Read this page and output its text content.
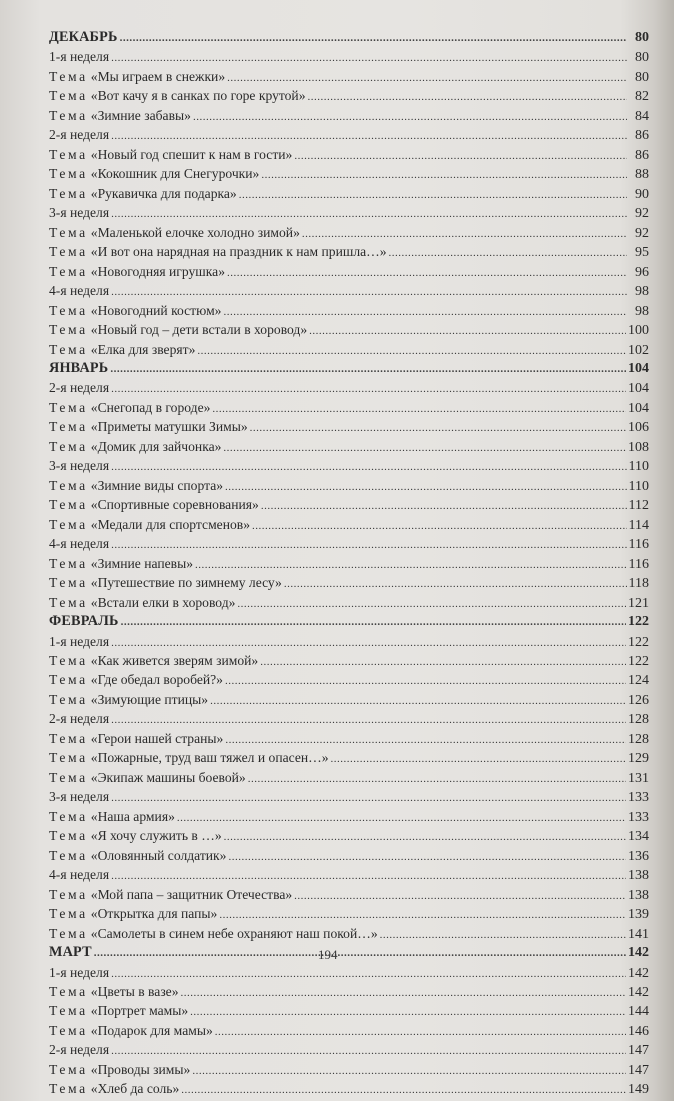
ДЕКАБРЬ .....	80
1-я неделя .....	80
Тема «Мы играем в снежки» .....	80
Тема «Вот качу я в санках по горе крутой» .....	82
Тема «Зимние забавы» .....	84
2-я неделя .....	86
Тема «Новый год спешит к нам в гости» .....	86
Тема «Кокошник для Снегурочки» .....	88
Тема «Рукавичка для подарка» .....	90
3-я неделя .....	92
Тема «Маленькой елочке холодно зимой» .....	92
Тема «И вот она нарядная на праздник к нам пришла…» .....	95
Тема «Новогодняя игрушка» .....	96
4-я неделя .....	98
Тема «Новогодний костюм» .....	98
Тема «Новый год – дети встали в хоровод» .....	100
Тема «Елка для зверят» .....	102
ЯНВАРЬ .....	104
2-я неделя .....	104
Тема «Снегопад в городе» .....	104
Тема «Приметы матушки Зимы» .....	106
Тема «Домик для зайчонка» .....	108
3-я неделя .....	110
Тема «Зимние виды спорта» .....	110
Тема «Спортивные соревнования» .....	112
Тема «Медали для спортсменов» .....	114
4-я неделя .....	116
Тема «Зимние напевы» .....	116
Тема «Путешествие по зимнему лесу» .....	118
Тема «Встали елки в хоровод» .....	121
ФЕВРАЛЬ .....	122
1-я неделя .....	122
Тема «Как живется зверям зимой» .....	122
Тема «Где обедал воробей?» .....	124
Тема «Зимующие птицы» .....	126
2-я неделя .....	128
Тема «Герои нашей страны» .....	128
Тема «Пожарные, труд ваш тяжел и опасен…» .....	129
Тема «Экипаж машины боевой» .....	131
3-я неделя .....	133
Тема «Наша армия» .....	133
Тема «Я хочу служить в …» .....	134
Тема «Оловянный солдатик» .....	136
4-я неделя .....	138
Тема «Мой папа – защитник Отечества» .....	138
Тема «Открытка для папы» .....	139
Тема «Самолеты в синем небе охраняют наш покой…» .....	141
МАРТ .....	142
1-я неделя .....	142
Тема «Цветы в вазе» .....	142
Тема «Портрет мамы» .....	144
Тема «Подарок для мамы» .....	146
2-я неделя .....	147
Тема «Проводы зимы» .....	147
Тема «Хлеб да соль» .....	149
194
